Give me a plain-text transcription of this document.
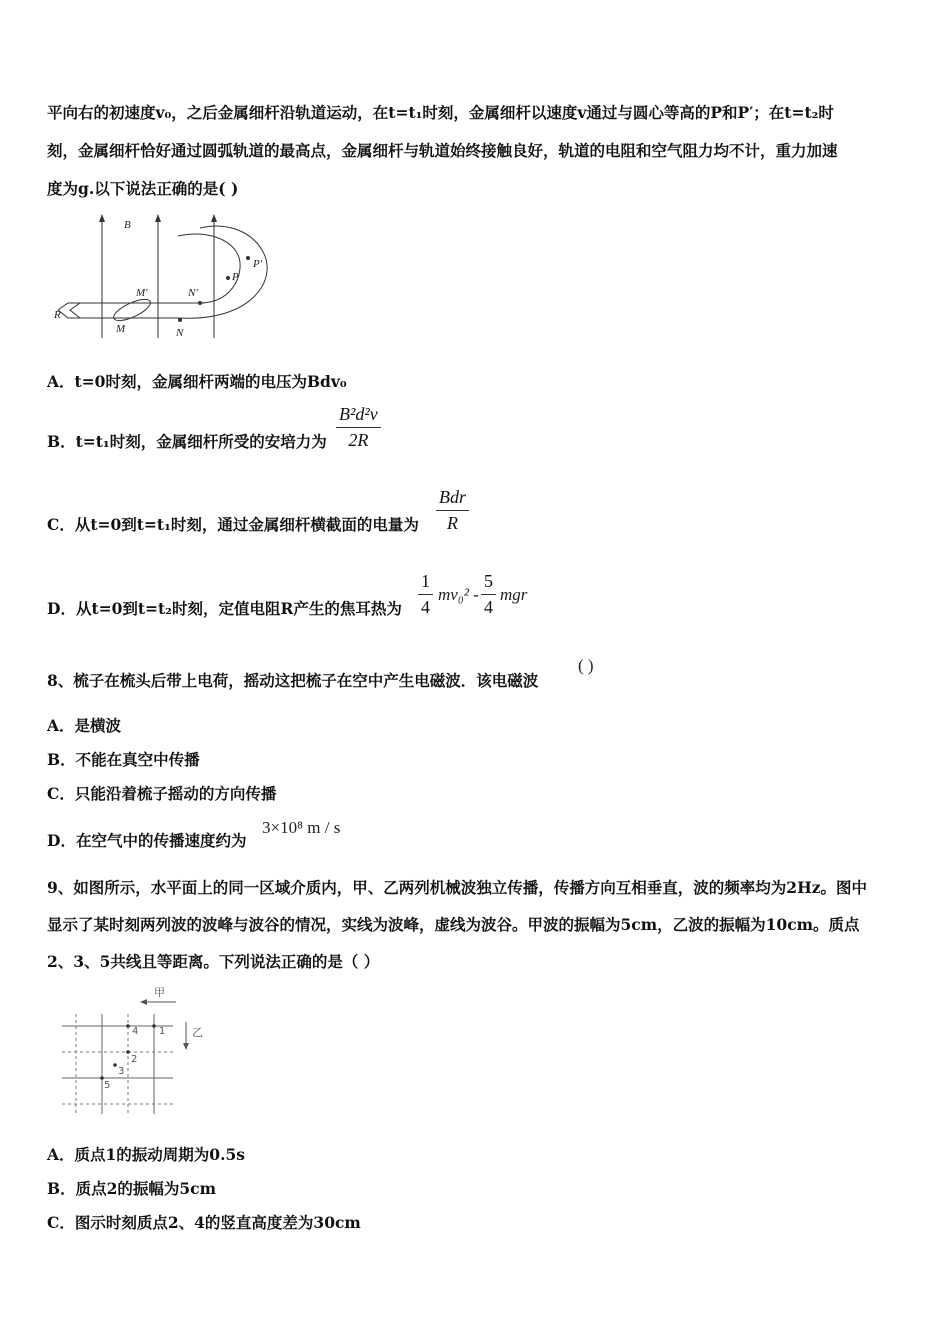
平向右的初速度v₀，之后金属细杆沿轨道运动，在t=t₁时刻，金属细杆以速度v通过与圆心等高的P和P′；在t=t₂时
刻，金属细杆恰好通过圆弧轨道的最高点，金属细杆与轨道始终接触良好，轨道的电阻和空气阻力均不计，重力加速
度为g.以下说法正确的是( )
B
R
M′
M
N′
N
P
P′
A．t=0时刻，金属细杆两端的电压为Bdv₀
B．t=t₁时刻，金属细杆所受的安培力为 $\frac{\text{B²d²v}}{2R}$
C．从t=0到t=t₁时刻，通过金属细杆横截面的电量为
Bdr
R
D．从t=0到t=t₂时刻，定值电阻R产生的焦耳热为 $\frac{1}{4} mv_0^2 - \frac{5}{4}$ mgr
8、梳子在梳头后带上电荷，摇动这把梳子在空中产生电磁波．该电磁波
( )
A．是横波
B．不能在真空中传播
C．只能沿着梳子摇动的方向传播
D．在空气中的传播速度约为
3×10⁸ m / s
9、如图所示，水平面上的同一区域介质内，甲、乙两列机械波独立传播，传播方向互相垂直，波的频率均为2Hz。图中
显示了某时刻两列波的波峰与波谷的情况，实线为波峰，虚线为波谷。甲波的振幅为5cm，乙波的振幅为10cm。质点
2、3、5共线且等距离。下列说法正确的是（ ）
甲
乙
1
2
3
4
5
A．质点1的振动周期为0.5s
B．质点2的振幅为5cm
C．图示时刻质点2、4的竖直高度差为30cm
